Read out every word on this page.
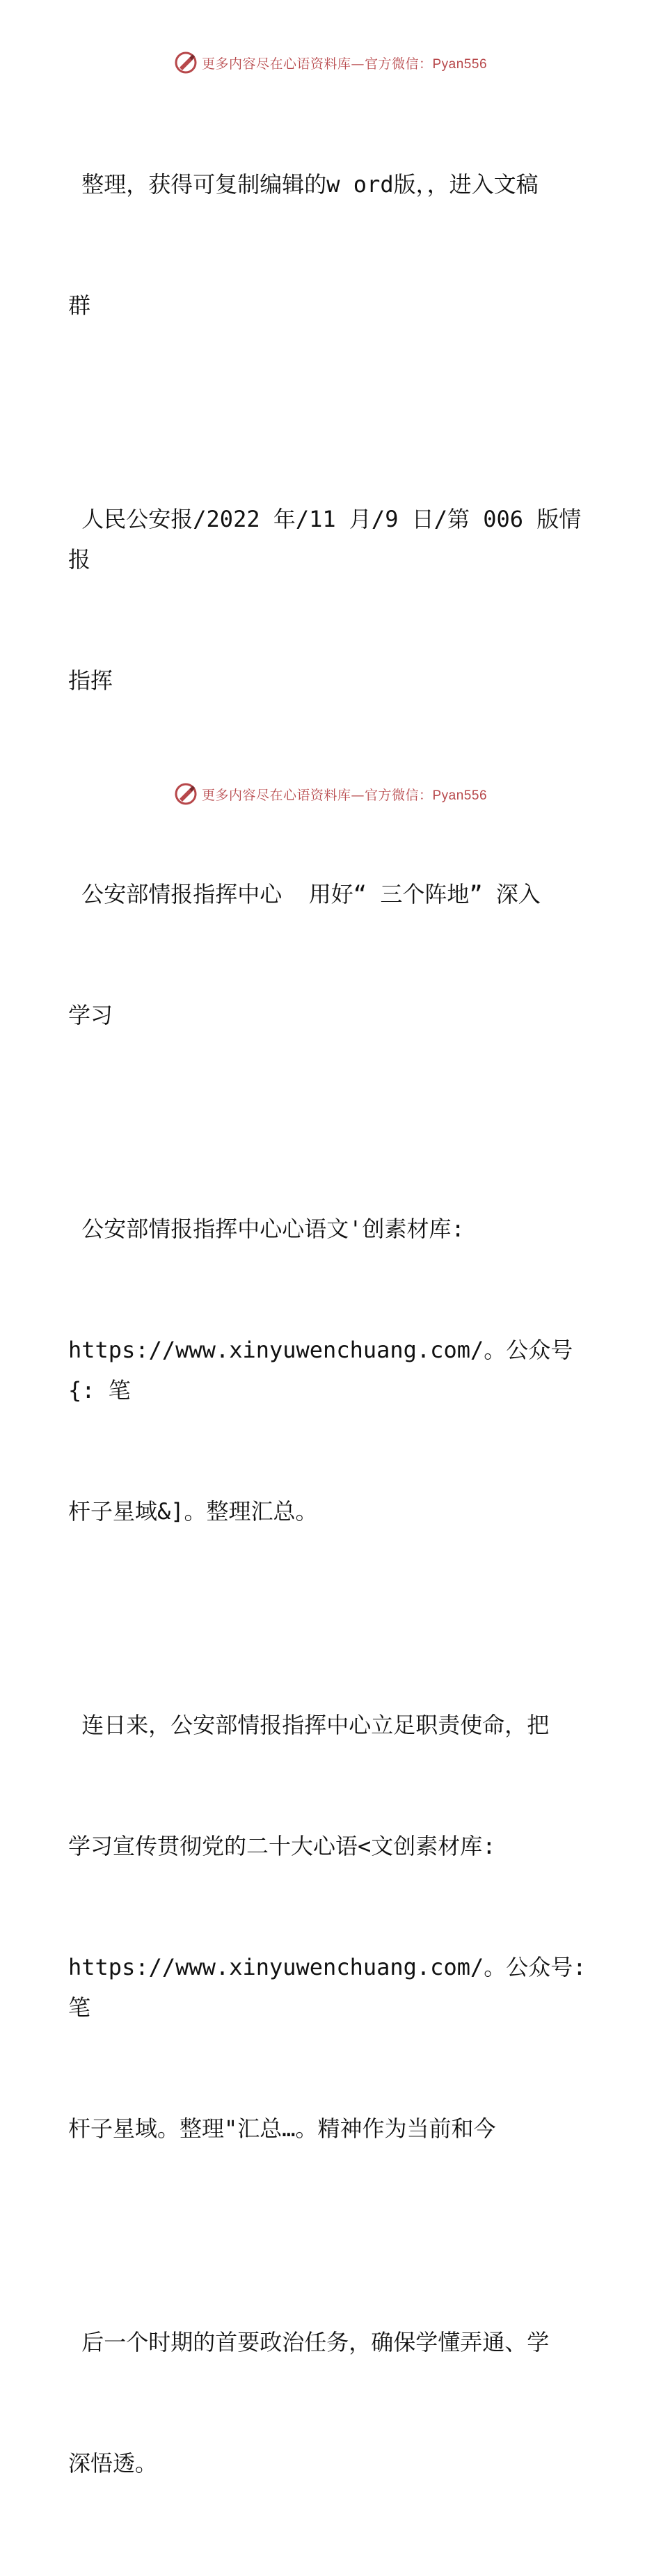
更多内容尽在心语资料库—官方微信：Pyan556

整理，获得可复制编辑的w ord版，，进入文稿

群

人民公安报/2022 年/11 月/9 日/第 006 版情报

指挥

公安部情报指挥中心  用好“ 三个阵地” 深入

学习

公安部情报指挥中心心语文'创素材库:

https://www.xinyuwenchuang.com/。公众号{: 笔

杆子星域&]。整理汇总。

连日来，公安部情报指挥中心立足职责使命，把

学习宣传贯彻党的二十大心语<文创素材库:

https://www.xinyuwenchuang.com/。公众号: 笔

杆子星域。整理"汇总…。精神作为当前和今

后一个时期的首要政治任务，确保学懂弄通、学

深悟透。

更多内容尽在心语资料库—官方微信：Pyan556
